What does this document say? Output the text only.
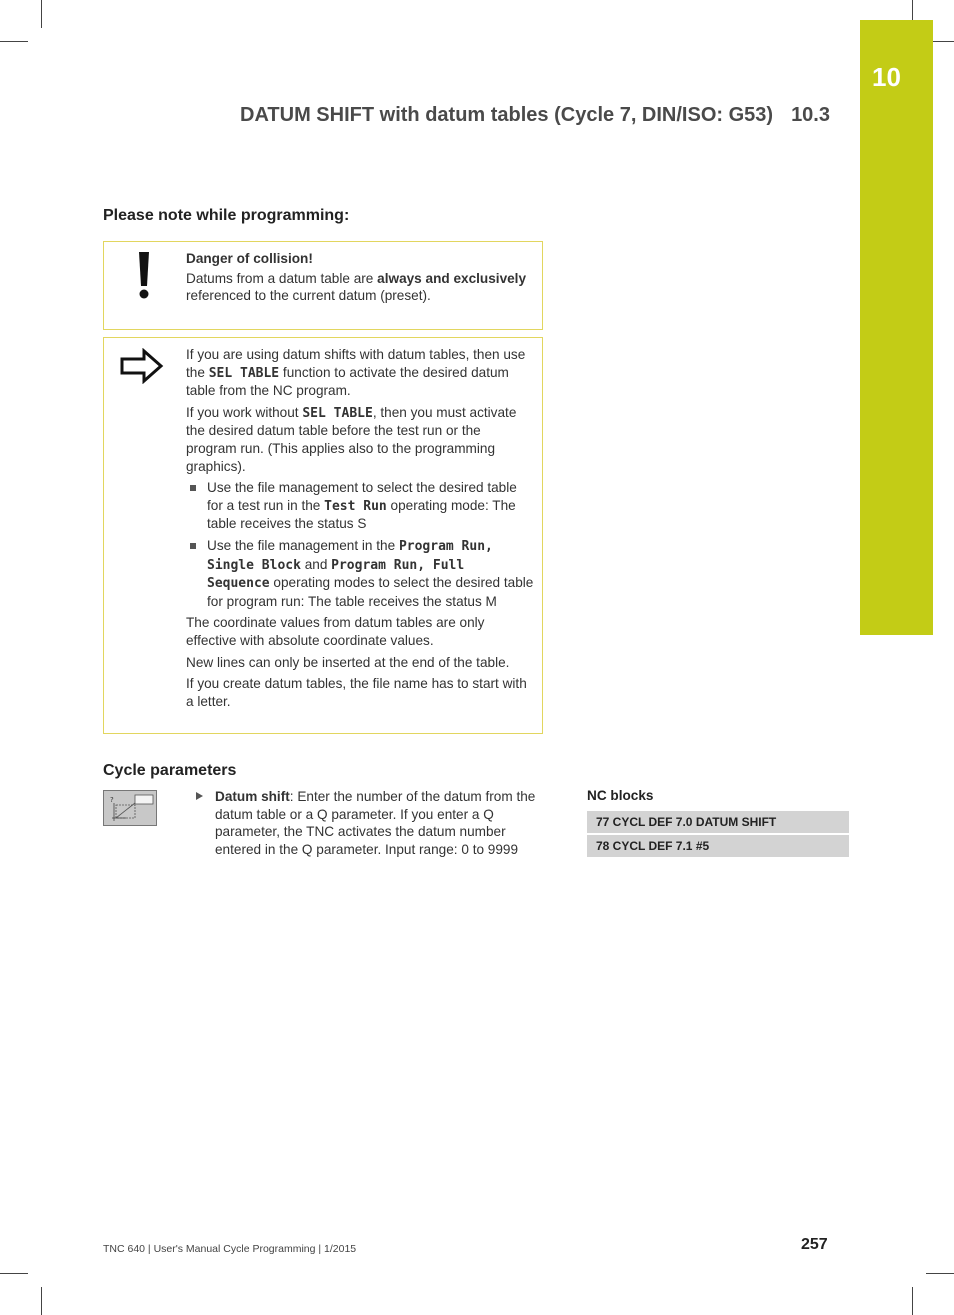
10
DATUM SHIFT with datum tables (Cycle 7, DIN/ISO: G53) 10.3
Please note while programming:

Danger of collision!

Datums from a datum table are always and exclusively referenced to the current datum (preset).

If you are using datum shifts with datum tables, then use the SEL TABLE function to activate the desired datum table from the NC program.

If you work without SEL TABLE, then you must activate the desired datum table before the test run or the program run. (This applies also to the programming graphics).

Use the file management to select the desired table for a test run in the Test Run operating mode: The table receives the status S
Use the file management in the Program Run, Single Block and Program Run, Full Sequence operating modes to select the desired table for program run: The table receives the status M

The coordinate values from datum tables are only effective with absolute coordinate values.

New lines can only be inserted at the end of the table.

If you create datum tables, the file name has to start with a letter.

Cycle parameters
?	Datum shift: Enter the number of the datum from the datum table or a Q parameter. If you enter a Q parameter, the TNC activates the datum number entered in the Q parameter. Input range: 0 to 9999
NC blocks
77 CYCL DEF 7.0 DATUM SHIFT
78 CYCL DEF 7.1 #5
TNC 640 | User's Manual Cycle Programming | 1/2015	257
